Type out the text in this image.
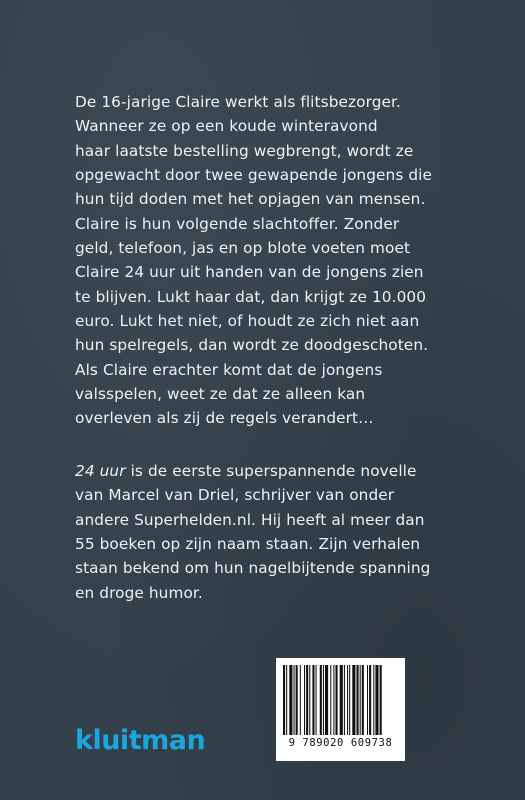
De 16-jarige Claire werkt als flitsbezorger.
Wanneer ze op een koude winteravond
haar laatste bestelling wegbrengt, wordt ze
opgewacht door twee gewapende jongens die
hun tijd doden met het opjagen van mensen.
Claire is hun volgende slachtoffer. Zonder
geld, telefoon, jas en op blote voeten moet
Claire 24 uur uit handen van de jongens zien
te blijven. Lukt haar dat, dan krijgt ze 10.000
euro. Lukt het niet, of houdt ze zich niet aan
hun spelregels, dan wordt ze doodgeschoten.
Als Claire erachter komt dat de jongens
valsspelen, weet ze dat ze alleen kan
overleven als zij de regels verandert…
24 uur is de eerste superspannende novelle
van Marcel van Driel, schrijver van onder
andere Superhelden.nl. Hij heeft al meer dan
55 boeken op zijn naam staan. Zijn verhalen
staan bekend om hun nagelbijtende spanning
en droge humor.
kluitman	9 789020 609738
